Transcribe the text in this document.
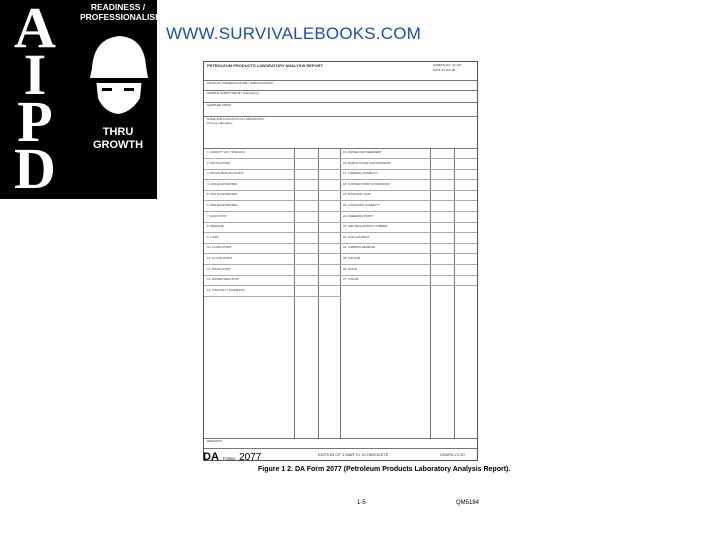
A
I
P
D
READINESS / PROFESSIONALISM
THRU
GROWTH
WWW.SURVIVALEBOOKS.COM
PETROLEUM PRODUCTS LABORATORY ANALYSIS REPORT	SAMPLE NO. 22-157
DATE 13 JUL 96
PRODUCT NOMENCLATURE / SPECIFICATION
SAMPLE SUBMITTED BY (Laboratory)
SAMPLED FROM
NAME AND LOCATION OF LABORATORY
Primary Laboratory
REMARKS
1. GRAVITY API / SPECIFIC
2. DISTILLATION
3. INITIAL BOILING POINT
4. 10% EVAPORATED
5. 50% EVAPORATED
6. 90% EVAPORATED
7. END POINT
8. RESIDUE
9. LOSS
10. FLASH POINT
11. CLOUD POINT
12. POUR POINT
13. WATER REACTION
14. VISCOSITY KINEMATIC
15. WATER AND SEDIMENT
16. PARTICULATE CONTAMINANT
17. THERMAL STABILITY
18. COPPER STRIP CORROSION
19. EXISTENT GUM
20. OXIDATION STABILITY
21. FREEZING POINT
22. NEUTRALIZATION NUMBER
23. ASH CONTENT
24. CARBON RESIDUE
25. SULFUR
26. ODOR
27. COLOR
DA FORM 2077	EDITION OF 1 MAR 70, IS OBSOLETE	USAPA V1.00
Figure 1 2. DA Form 2077 (Petroleum Products Laboratory Analysis Report).
1-5	QM5184
